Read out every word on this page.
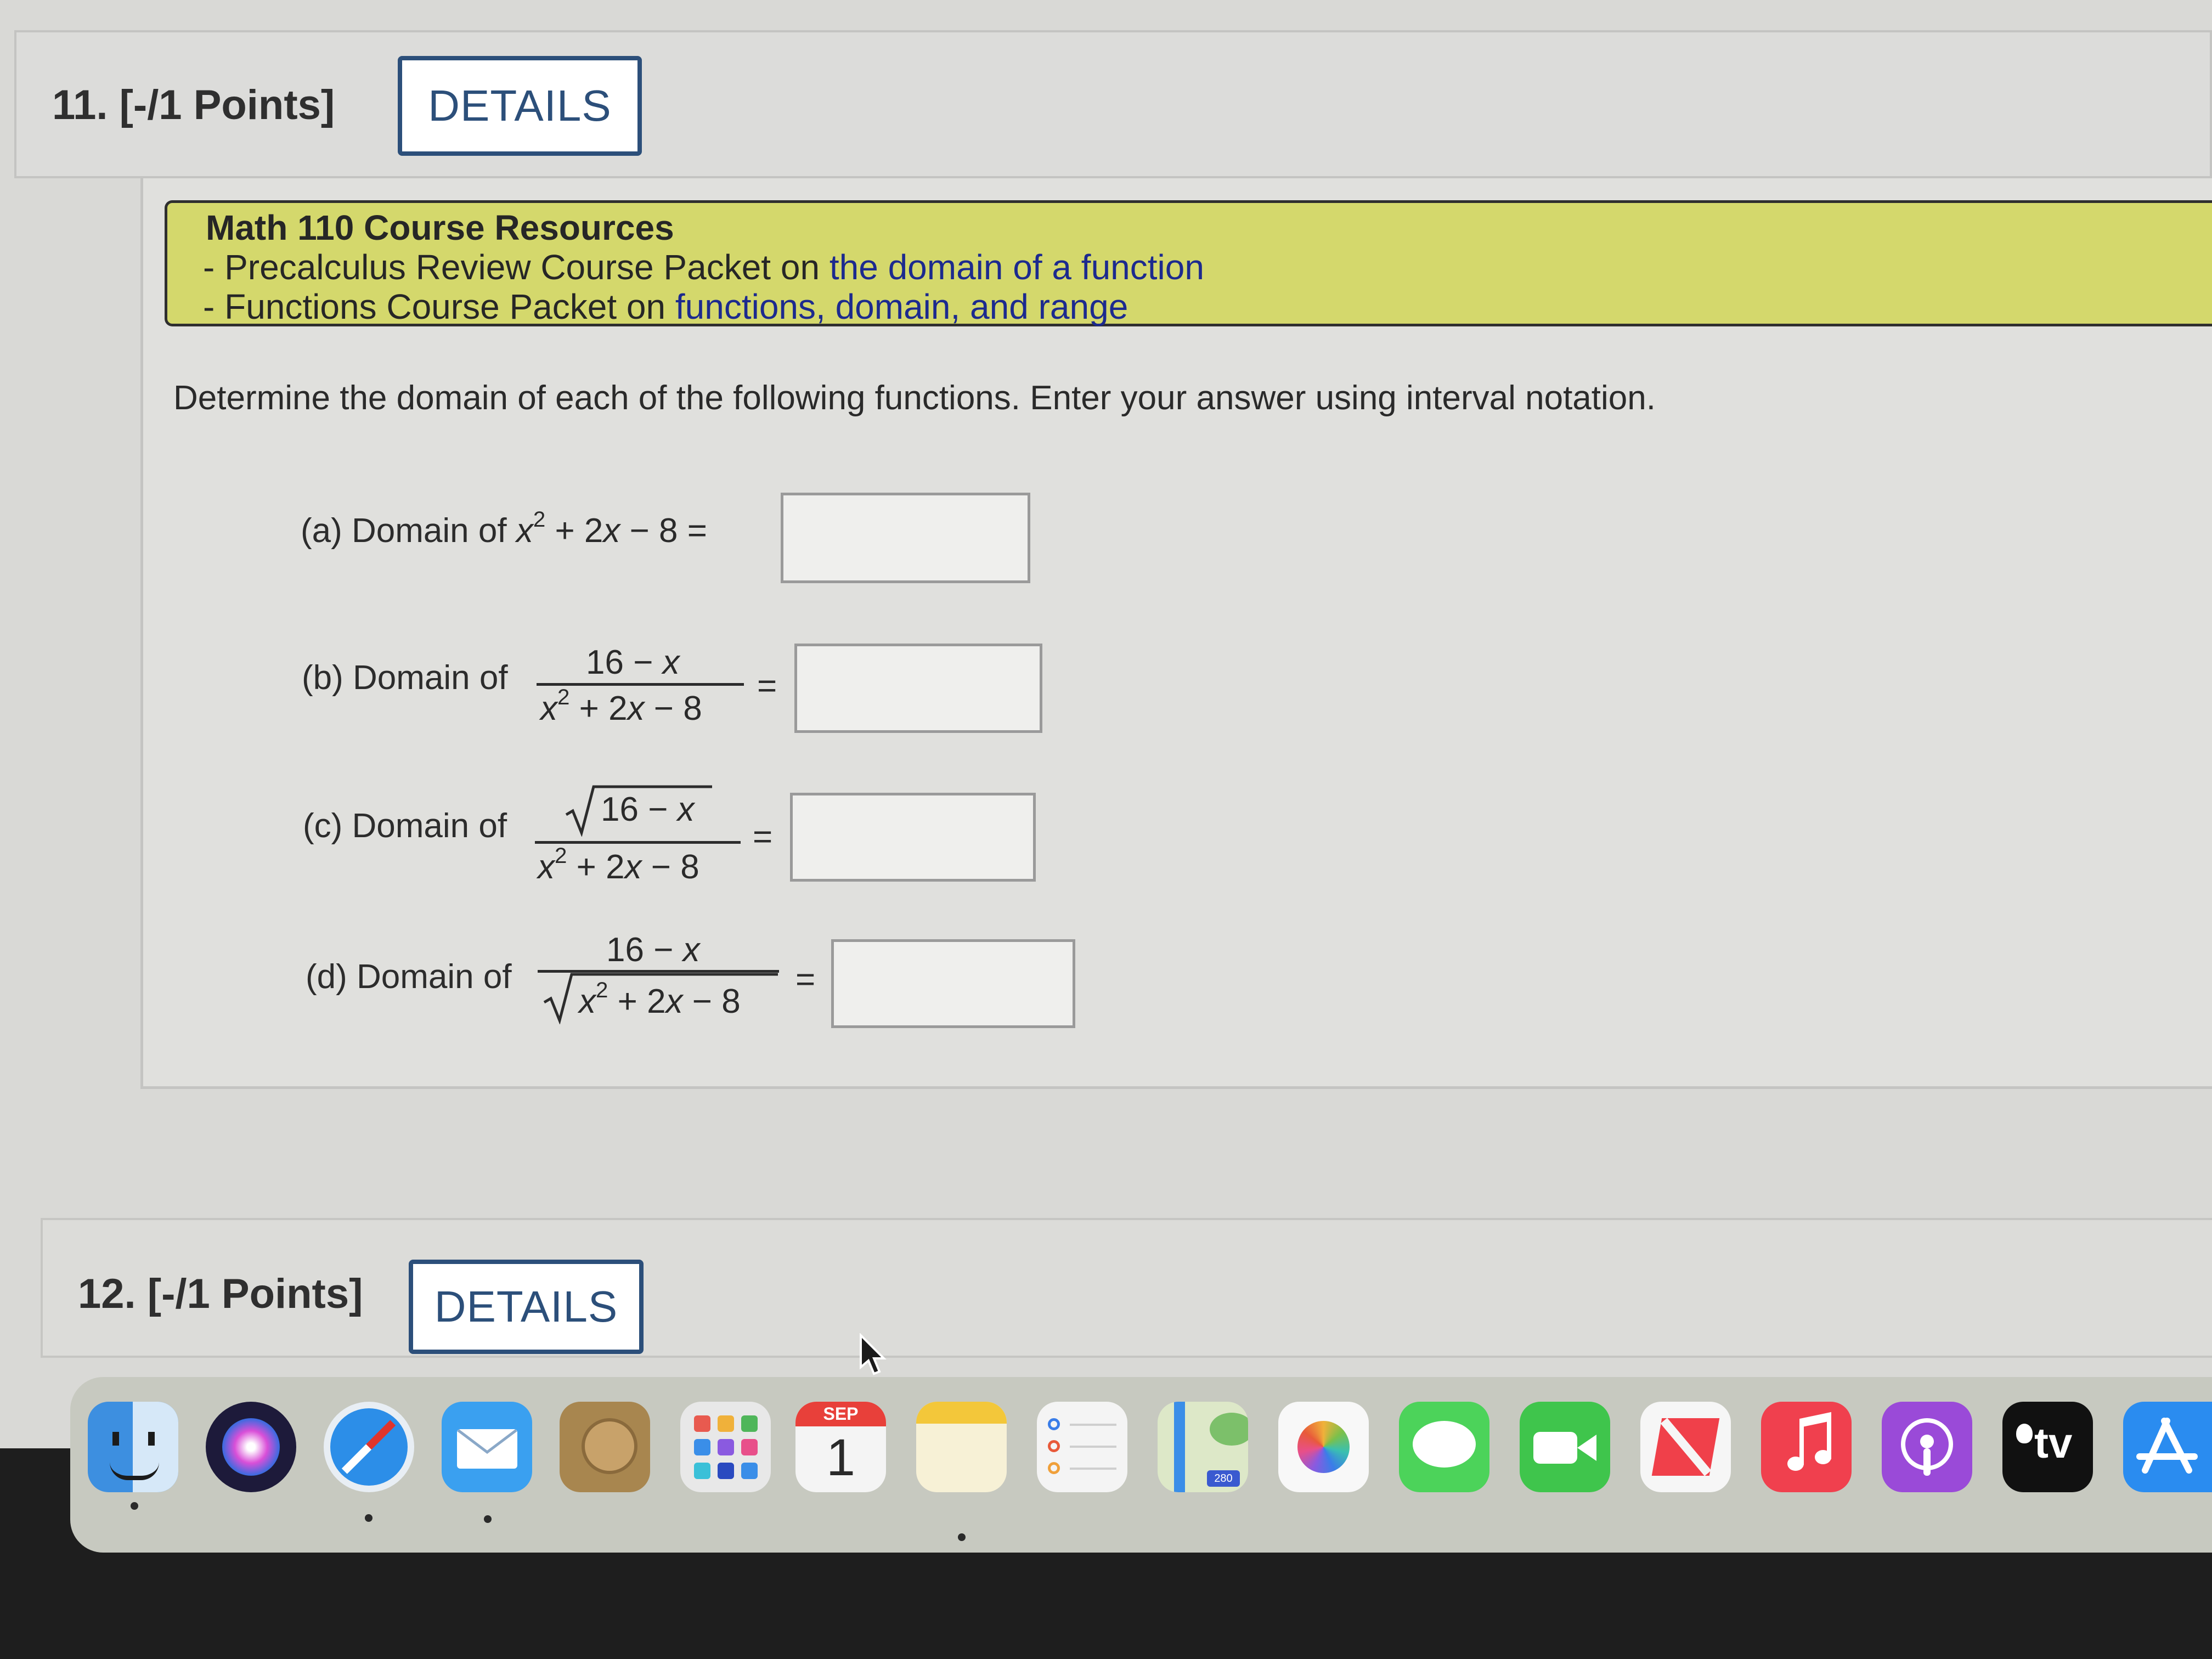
11. [-/1 Points]	DETAILS
Math 110 Course Resources
- Precalculus Review Course Packet on the domain of a function
- Functions Course Packet on functions, domain, and range
Determine the domain of each of the following functions. Enter your answer using interval notation.
(a) Domain of $x^2 + 2x - 8$ =
(b) Domain of 16 − x
$x^2 + 2x - 8$
=
(c) Domain of	16 − x
$x^2 + 2x - 8$
=
(d) Domain of
16 − x
$x^2 + 2x - 8$
=
12. [-/1 Points]	DETAILS
SEP
1	280
tv
